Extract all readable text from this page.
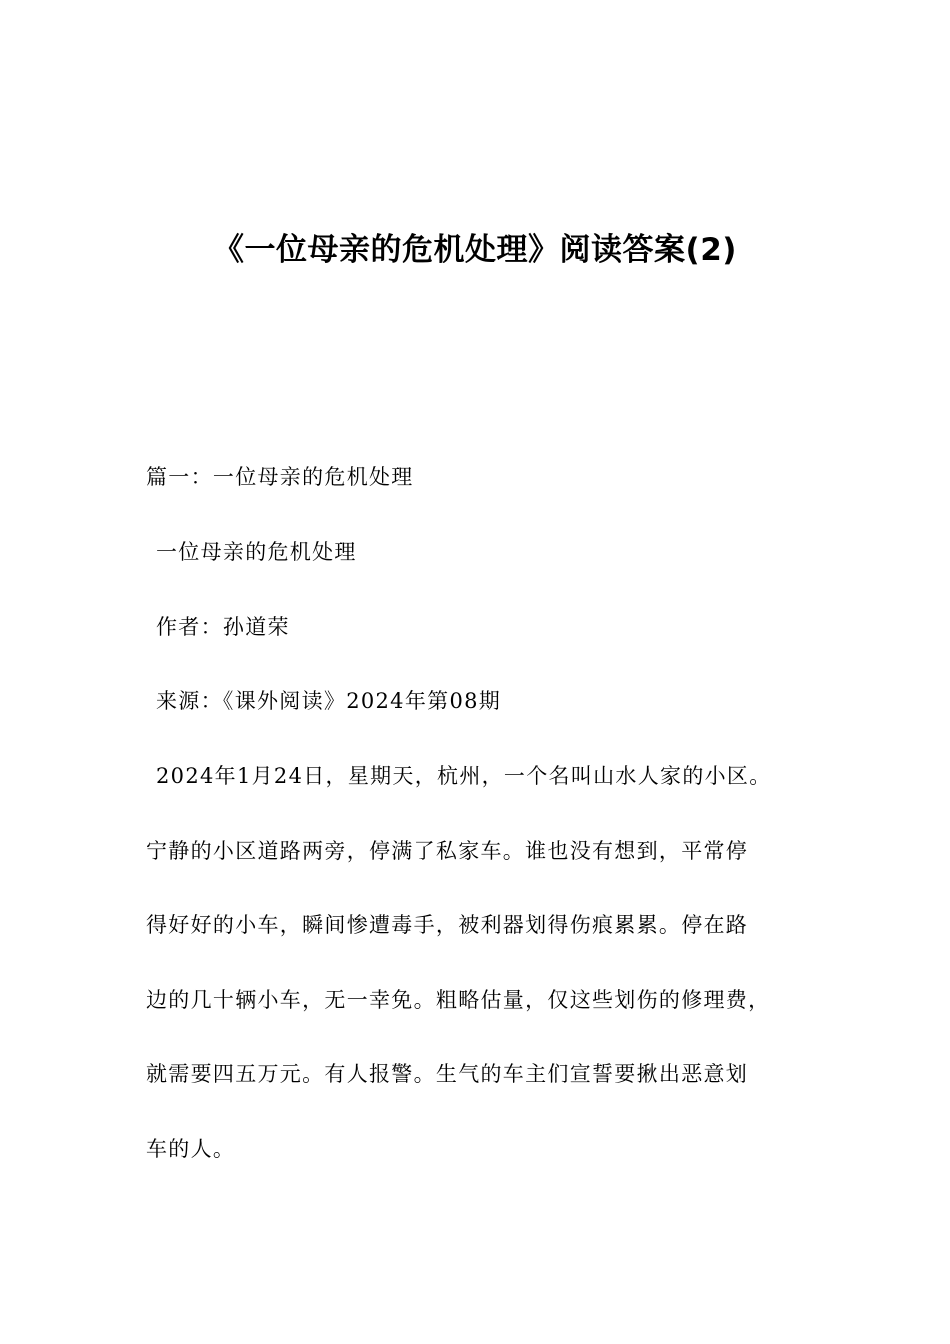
《一位母亲的危机处理》阅读答案(2)
篇一：一位母亲的危机处理
一位母亲的危机处理
作者：孙道荣
来源：《课外阅读》2024年第08期
2024年1月24日，星期天，杭州，一个名叫山水人家的小区。
宁静的小区道路两旁，停满了私家车。谁也没有想到，平常停
得好好的小车，瞬间惨遭毒手，被利器划得伤痕累累。停在路
边的几十辆小车，无一幸免。粗略估量，仅这些划伤的修理费，
就需要四五万元。有人报警。生气的车主们宣誓要揪出恶意划
车的人。
